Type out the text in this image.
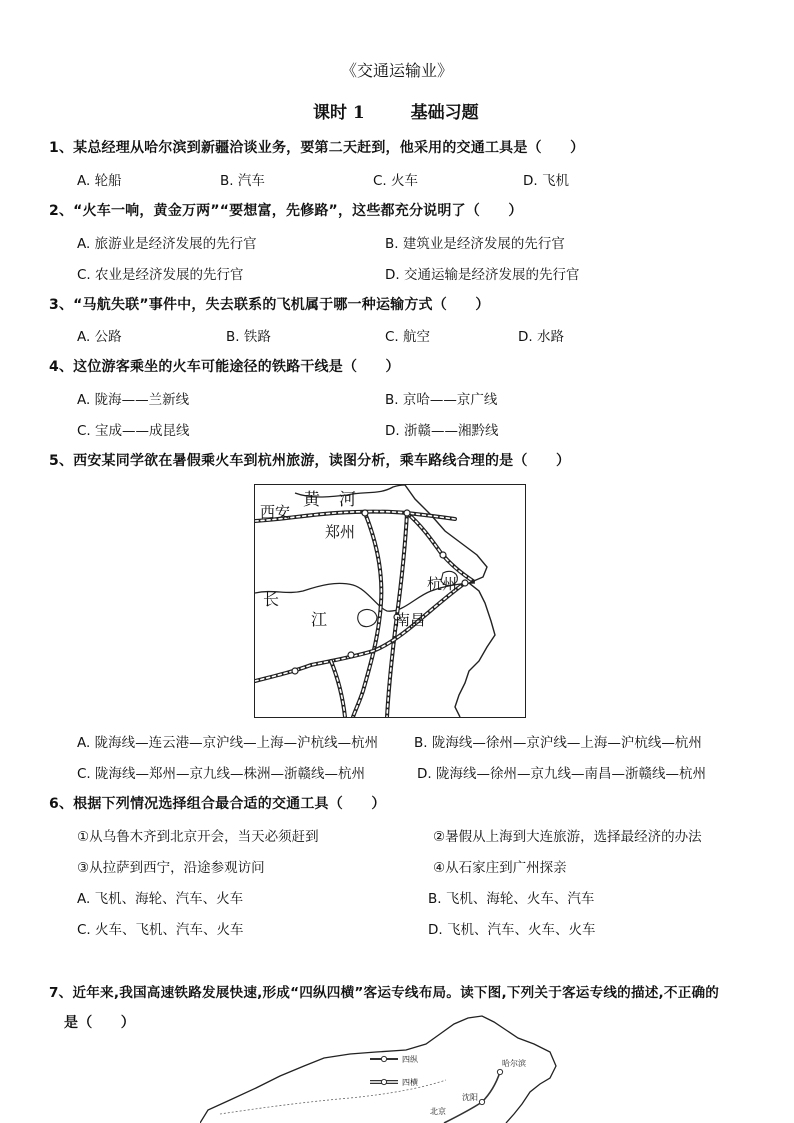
《交通运输业》
课时 1	基础习题
1、某总经理从哈尔滨到新疆洽谈业务，要第二天赶到，他采用的交通工具是（　　）
A. 轮船	B. 汽车	C. 火车	D. 飞机
2、“火车一响，黄金万两”“要想富，先修路”，这些都充分说明了（　　）
A. 旅游业是经济发展的先行官	B. 建筑业是经济发展的先行官
C. 农业是经济发展的先行官	D. 交通运输是经济发展的先行官
3、“马航失联”事件中，失去联系的飞机属于哪一种运输方式（　　）
A. 公路	B. 铁路	C. 航空	D. 水路
4、这位游客乘坐的火车可能途径的铁路干线是（　　）
A. 陇海——兰新线	B. 京哈——京广线
C. 宝成——成昆线	D. 浙赣——湘黔线
5、西安某同学欲在暑假乘火车到杭州旅游，读图分析，乘车路线合理的是（　　）
黄 河
西安
郑州
杭州
长
江	南昌
A. 陇海线—连云港—京沪线—上海—沪杭线—杭州	B. 陇海线—徐州—京沪线—上海—沪杭线—杭州
C. 陇海线—郑州—京九线—株洲—浙赣线—杭州	D. 陇海线—徐州—京九线—南昌—浙赣线—杭州
6、根据下列情况选择组合最合适的交通工具（　　）
①从乌鲁木齐到北京开会，当天必须赶到	②暑假从上海到大连旅游，选择最经济的办法
③从拉萨到西宁，沿途参观访问	④从石家庄到广州探亲
A. 飞机、海轮、汽车、火车	B. 飞机、海轮、火车、汽车
C. 火车、飞机、汽车、火车	D. 飞机、汽车、火车、火车
7、近年来,我国高速铁路发展快速,形成“四纵四横”客运专线布局。读下图,下列关于客运专线的描述,不正确的
是（　　）
四纵
四横
哈尔滨
沈阳
北京
